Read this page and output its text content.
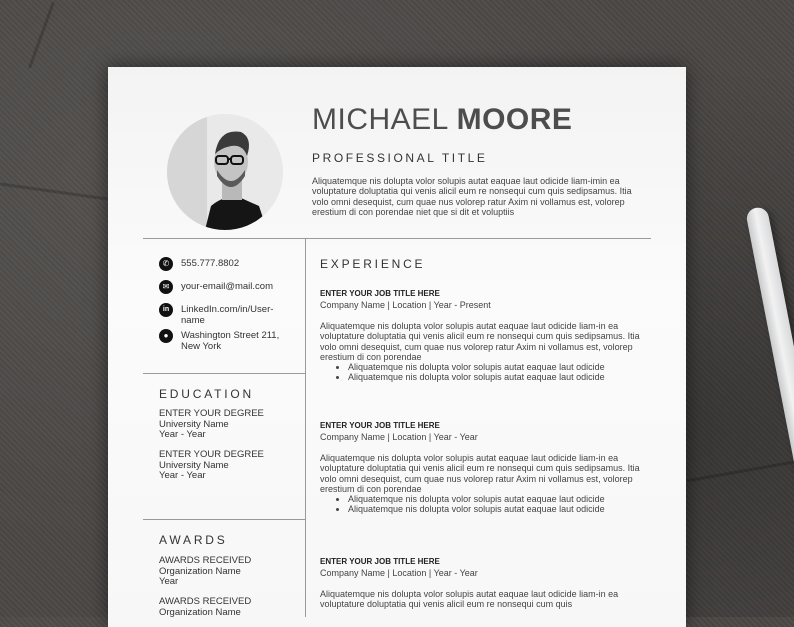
MICHAEL MOORE
PROFESSIONAL TITLE
Aliquatemque nis dolupta volor solupis autat eaquae laut odicide liam-imin ea voluptature doluptatia qui venis alicil eum re nonsequi cum quis sedipsamus. Itia volo omni desequist, cum quae nus volorep ratur Axim ni vollamus est, volorep erestium di con porendae niet que si dit et voluptiis
✆	555.777.8802
✉	your-email@mail.com
in	LinkedIn.com/in/User-name
●	Washington Street 211, New York
EDUCATION
ENTER YOUR DEGREE
University Name
Year - Year
ENTER YOUR DEGREE
University Name
Year - Year
AWARDS
AWARDS RECEIVED
Organization Name
Year
AWARDS RECEIVED
Organization Name
EXPERIENCE
ENTER YOUR JOB TITLE HERE
Company Name | Location | Year - Present
Aliquatemque nis dolupta volor solupis autat eaquae laut odicide liam-in ea voluptature doluptatia qui venis alicil eum re nonsequi cum quis sedipsamus. Itia volo omni desequist, cum quae nus volorep ratur Axim ni vollamus est, volorep erestium di con porendae
• Aliquatemque nis dolupta volor solupis autat eaquae laut odicide
• Aliquatemque nis dolupta volor solupis autat eaquae laut odicide
ENTER YOUR JOB TITLE HERE
Company Name | Location | Year - Year
Aliquatemque nis dolupta volor solupis autat eaquae laut odicide liam-in ea voluptature doluptatia qui venis alicil eum re nonsequi cum quis sedipsamus. Itia volo omni desequist, cum quae nus volorep ratur Axim ni vollamus est, volorep erestium di con porendae
• Aliquatemque nis dolupta volor solupis autat eaquae laut odicide
• Aliquatemque nis dolupta volor solupis autat eaquae laut odicide
ENTER YOUR JOB TITLE HERE
Company Name | Location | Year - Year
Aliquatemque nis dolupta volor solupis autat eaquae laut odicide liam-in ea voluptature doluptatia qui venis alicil eum re nonsequi cum quis
